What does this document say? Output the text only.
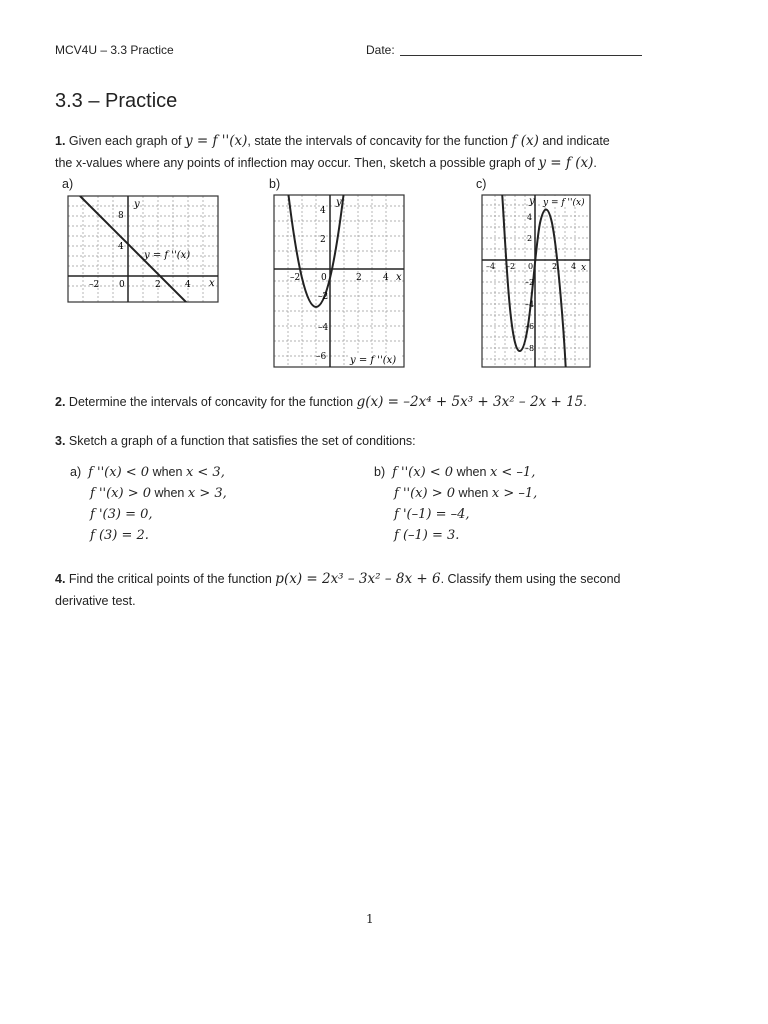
MCV4U – 3.3 Practice	Date:
3.3 – Practice
1. Given each graph of y = f ''(x), state the intervals of concavity for the function f (x) and indicate
the x-values where any points of inflection may occur. Then, sketch a possible graph of y = f (x).
a)	b)	c)
y
x
8
4
–2 0	2	4
y = f ''(x)
y
x
4
2
–2
–4
–6
–2 0	2 4
y = f ''(x)
y
x
y = f ''(x)
4
2
–2
–4
–6
–8
–4 –2 0 2 4
2. Determine the intervals of concavity for the function g(x) = –2x⁴ + 5x³ + 3x² – 2x + 15.
3. Sketch a graph of a function that satisfies the set of conditions:
a) f ''(x) < 0 when x < 3,
f ''(x) > 0 when x > 3,
f '(3) = 0,
f (3) = 2.
b) f ''(x) < 0 when x < –1,
f ''(x) > 0 when x > –1,
f '(–1) = –4,
f (–1) = 3.
4. Find the critical points of the function p(x) = 2x³ – 3x² – 8x + 6. Classify them using the second
derivative test.
1
